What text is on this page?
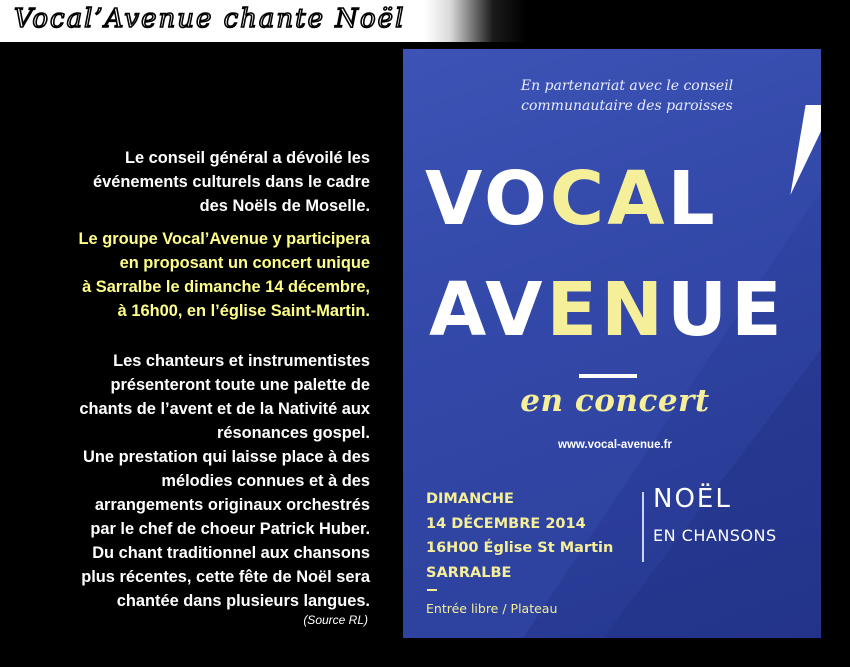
Vocal’Avenue chante Noël
Le conseil général a dévoilé les
événements culturels dans le cadre
des Noëls de Moselle.
Le groupe Vocal’Avenue y participera
en proposant un concert unique
à Sarralbe le dimanche 14 décembre,
à 16h00, en l’église Saint-Martin.
Les chanteurs et instrumentistes
présenteront toute une palette de
chants de l’avent et de la Nativité aux
résonances gospel.
Une prestation qui laisse place à des
mélodies connues et à des
arrangements originaux orchestrés
par le chef de choeur Patrick Huber.
Du chant traditionnel aux chansons
plus récentes, cette fête de Noël sera
chantée dans plusieurs langues.
(Source RL)
En partenariat avec le conseil
communautaire des paroisses
VOCAL
AVENUE
en concert
www.vocal-avenue.fr
DIMANCHE
14 DÉCEMBRE 2014
16H00 Église St Martin
SARRALBE
Entrée libre / Plateau
NOËL
EN CHANSONS
